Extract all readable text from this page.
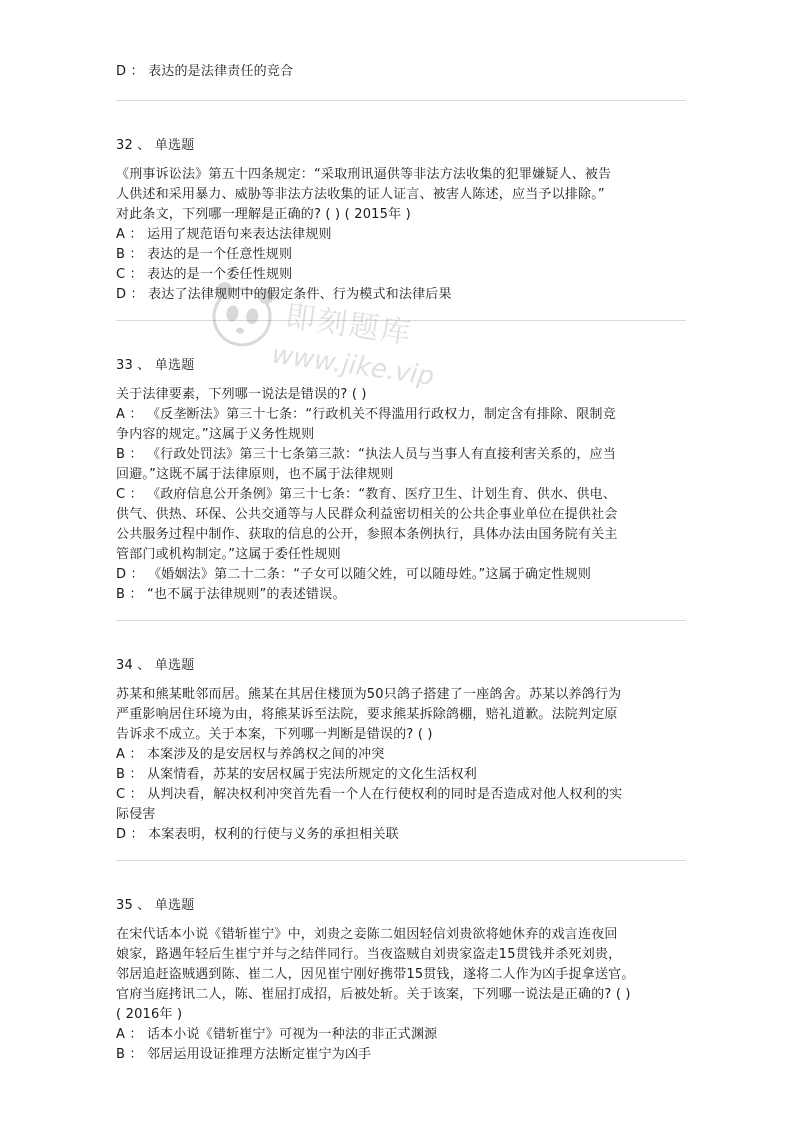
D ： 表达的是法律责任的竞合
32 、 单选题
《刑事诉讼法》第五十四条规定：“采取刑讯逼供等非法方法收集的犯罪嫌疑人、被告
人供述和采用暴力、威胁等非法方法收集的证人证言、被害人陈述，应当予以排除。”
对此条文，下列哪一理解是正确的? ( ) ( 2015年 )
A ： 运用了规范语句来表达法律规则
B ： 表达的是一个任意性规则
C ： 表达的是一个委任性规则
D ： 表达了法律规则中的假定条件、行为模式和法律后果
33 、 单选题
关于法律要素，下列哪一说法是错误的? ( )
A ： 《反垄断法》第三十七条：“行政机关不得滥用行政权力，制定含有排除、限制竞
争内容的规定。”这属于义务性规则
B ： 《行政处罚法》第三十七条第三款：“执法人员与当事人有直接利害关系的，应当
回避。”这既不属于法律原则，也不属于法律规则
C ： 《政府信息公开条例》第三十七条：“教育、医疗卫生、计划生育、供水、供电、
供气、供热、环保、公共交通等与人民群众利益密切相关的公共企事业单位在提供社会
公共服务过程中制作、获取的信息的公开，参照本条例执行，具体办法由国务院有关主
管部门或机构制定。”这属于委任性规则
D ： 《婚姻法》第二十二条：“子女可以随父姓，可以随母姓。”这属于确定性规则
B ： “也不属于法律规则”的表述错误。
34 、 单选题
苏某和熊某毗邻而居。熊某在其居住楼顶为50只鸽子搭建了一座鸽舍。苏某以养鸽行为
严重影响居住环境为由，将熊某诉至法院，要求熊某拆除鸽棚，赔礼道歉。法院判定原
告诉求不成立。关于本案，下列哪一判断是错误的? ( )
A ： 本案涉及的是安居权与养鸽权之间的冲突
B ： 从案情看，苏某的安居权属于宪法所规定的文化生活权利
C ： 从判决看，解决权利冲突首先看一个人在行使权利的同时是否造成对他人权利的实
际侵害
D ： 本案表明，权利的行使与义务的承担相关联
35 、 单选题
在宋代话本小说《错斩崔宁》中，刘贵之妾陈二姐因轻信刘贵欲将她休弃的戏言连夜回
娘家，路遇年轻后生崔宁并与之结伴同行。当夜盗贼自刘贵家盗走15贯钱并杀死刘贵，
邻居追赶盗贼遇到陈、崔二人，因见崔宁刚好携带15贯钱，遂将二人作为凶手捉拿送官。
官府当庭拷讯二人，陈、崔屈打成招，后被处斩。关于该案，下列哪一说法是正确的? ( )
( 2016年 )
A ： 话本小说《错斩崔宁》可视为一种法的非正式渊源
B ： 邻居运用设证推理方法断定崔宁为凶手
即刻题库
www.jike.vip
